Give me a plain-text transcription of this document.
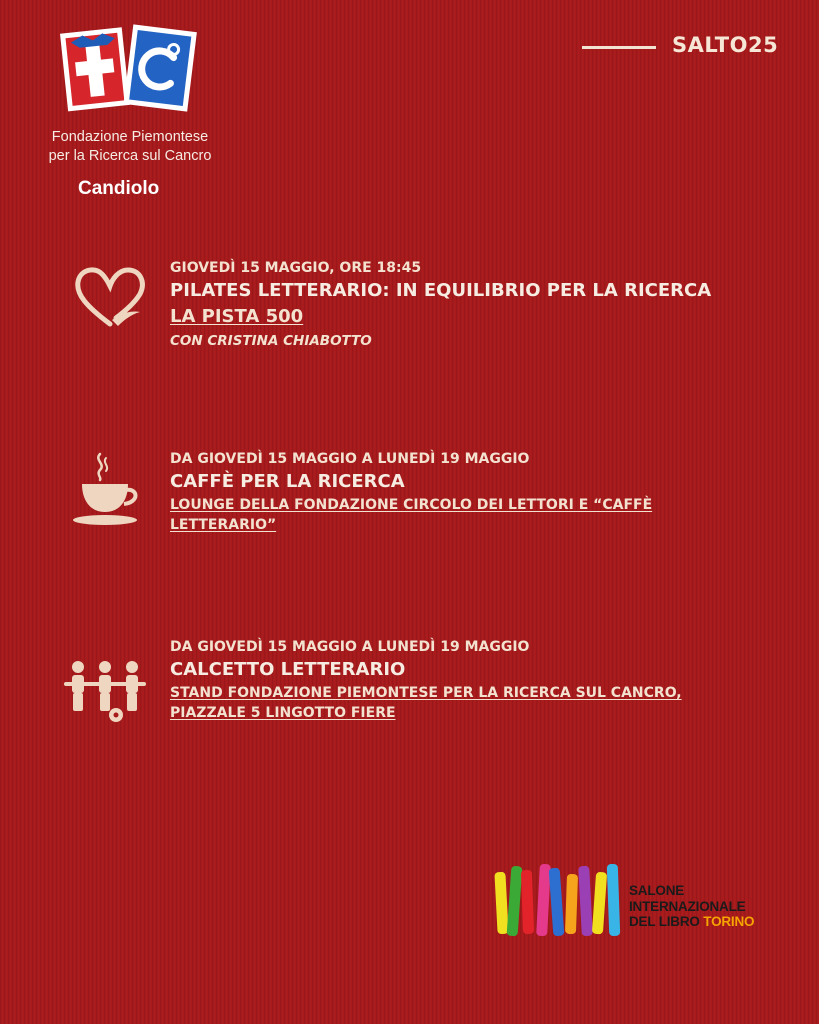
Fondazione Piemontese
per la Ricerca sul Cancro
Candiolo
SALTO25
GIOVEDÌ 15 MAGGIO, ORE 18:45
PILATES LETTERARIO: IN EQUILIBRIO PER LA RICERCA
LA PISTA 500
CON CRISTINA CHIABOTTO
DA GIOVEDÌ 15 MAGGIO A LUNEDÌ 19 MAGGIO
CAFFÈ PER LA RICERCA
LOUNGE DELLA FONDAZIONE CIRCOLO DEI LETTORI E “CAFFÈ
LETTERARIO”
DA GIOVEDÌ 15 MAGGIO A LUNEDÌ 19 MAGGIO
CALCETTO LETTERARIO
STAND FONDAZIONE PIEMONTESE PER LA RICERCA SUL CANCRO,
PIAZZALE 5 LINGOTTO FIERE
SALONE
INTERNAZIONALE
DEL LIBRO TORINO
